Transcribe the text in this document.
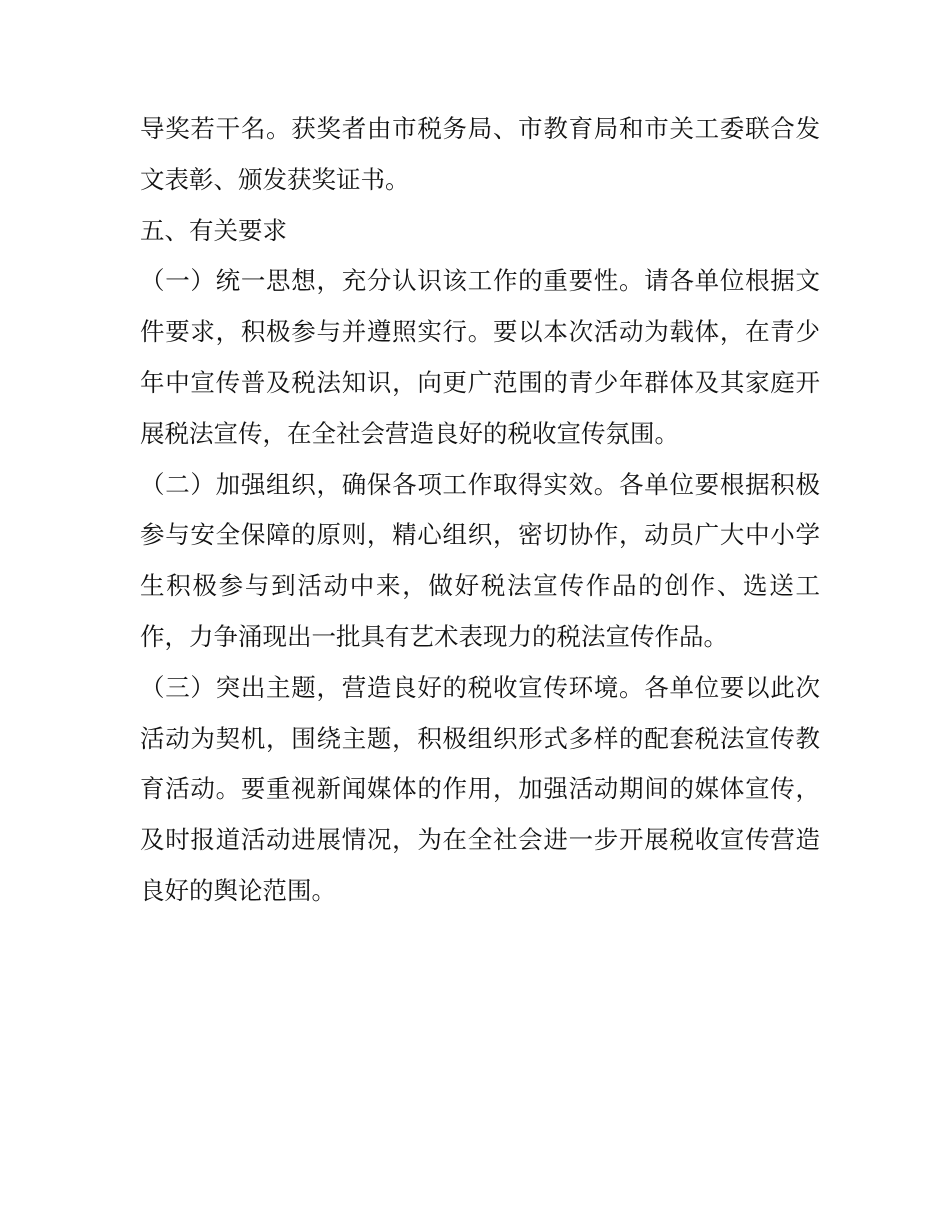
导奖若干名。获奖者由市税务局、市教育局和市关工委联合发
文表彰、颁发获奖证书。
五、有关要求
（一）统一思想，充分认识该工作的重要性。请各单位根据文
件要求，积极参与并遵照实行。要以本次活动为载体，在青少
年中宣传普及税法知识，向更广范围的青少年群体及其家庭开
展税法宣传，在全社会营造良好的税收宣传氛围。
（二）加强组织，确保各项工作取得实效。各单位要根据积极
参与安全保障的原则，精心组织，密切协作，动员广大中小学
生积极参与到活动中来，做好税法宣传作品的创作、选送工
作，力争涌现出一批具有艺术表现力的税法宣传作品。
（三）突出主题，营造良好的税收宣传环境。各单位要以此次
活动为契机，围绕主题，积极组织形式多样的配套税法宣传教
育活动。要重视新闻媒体的作用，加强活动期间的媒体宣传，
及时报道活动进展情况，为在全社会进一步开展税收宣传营造
良好的舆论范围。
